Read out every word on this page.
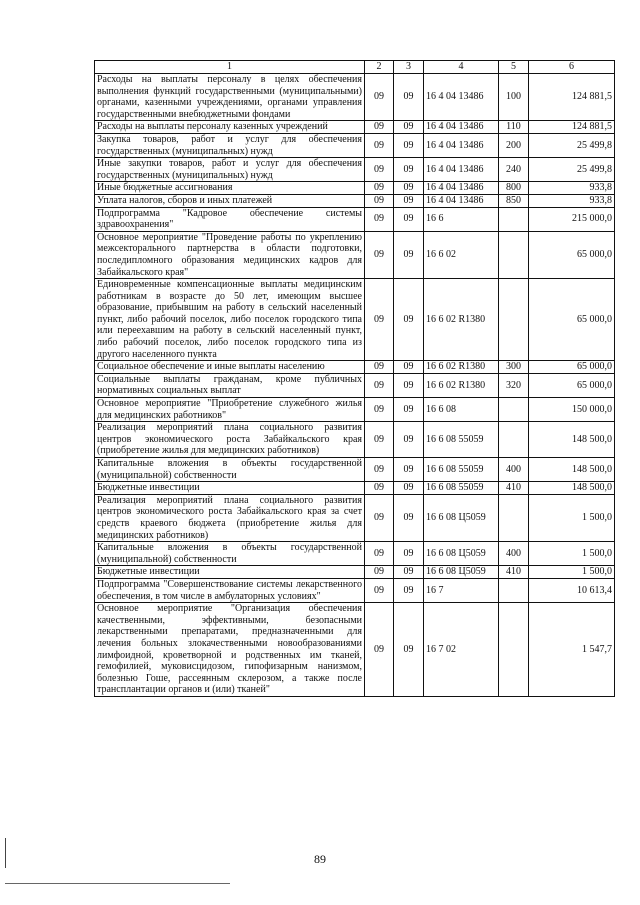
1	2	3	4	5	6
Расходы на выплаты персоналу в целях обеспечения выполнения функций государственными (муниципальными) органами, казенными учреждениями, органами управления государственными внебюджетными фондами	09	09	16 4 04 13486	100	124 881,5
Расходы на выплаты персоналу казенных учреждений	09	09	16 4 04 13486	110	124 881,5
Закупка товаров, работ и услуг для обеспечения государственных (муниципальных) нужд	09	09	16 4 04 13486	200	25 499,8
Иные закупки товаров, работ и услуг для обеспечения государственных (муниципальных) нужд	09	09	16 4 04 13486	240	25 499,8
Иные бюджетные ассигнования	09	09	16 4 04 13486	800	933,8
Уплата налогов, сборов и иных платежей	09	09	16 4 04 13486	850	933,8
Подпрограмма "Кадровое обеспечение системы здравоохранения"	09	09	16 6		215 000,0
Основное мероприятие "Проведение работы по укреплению межсекторального партнерства в области подготовки, последипломного образования медицинских кадров для Забайкальского края"	09	09	16 6 02		65 000,0
Единовременные компенсационные выплаты медицинским работникам в возрасте до 50 лет, имеющим высшее образование, прибывшим на работу в сельский населенный пункт, либо рабочий поселок, либо поселок городского типа или переехавшим на работу в сельский населенный пункт, либо рабочий поселок, либо поселок городского типа из другого населенного пункта	09	09	16 6 02 R1380		65 000,0
Социальное обеспечение и иные выплаты населению	09	09	16 6 02 R1380	300	65 000,0
Социальные выплаты гражданам, кроме публичных нормативных социальных выплат	09	09	16 6 02 R1380	320	65 000,0
Основное мероприятие "Приобретение служебного жилья для медицинских работников"	09	09	16 6 08		150 000,0
Реализация мероприятий плана социального развития центров экономического роста Забайкальского края (приобретение жилья для медицинских работников)	09	09	16 6 08 55059		148 500,0
Капитальные вложения в объекты государственной (муниципальной) собственности	09	09	16 6 08 55059	400	148 500,0
Бюджетные инвестиции	09	09	16 6 08 55059	410	148 500,0
Реализация мероприятий плана социального развития центров экономического роста Забайкальского края за счет средств краевого бюджета (приобретение жилья для медицинских работников)	09	09	16 6 08 Ц5059		1 500,0
Капитальные вложения в объекты государственной (муниципальной) собственности	09	09	16 6 08 Ц5059	400	1 500,0
Бюджетные инвестиции	09	09	16 6 08 Ц5059	410	1 500,0
Подпрограмма "Совершенствование системы лекарственного обеспечения, в том числе в амбулаторных условиях"	09	09	16 7		10 613,4
Основное мероприятие "Организация обеспечения качественными, эффективными, безопасными лекарственными препаратами, предназначенными для лечения больных злокачественными новообразованиями лимфоидной, кроветворной и родственных им тканей, гемофилией, муковисцидозом, гипофизарным нанизмом, болезнью Гоше, рассеянным склерозом, а также после трансплантации органов и (или) тканей"	09	09	16 7 02		1 547,7
89
